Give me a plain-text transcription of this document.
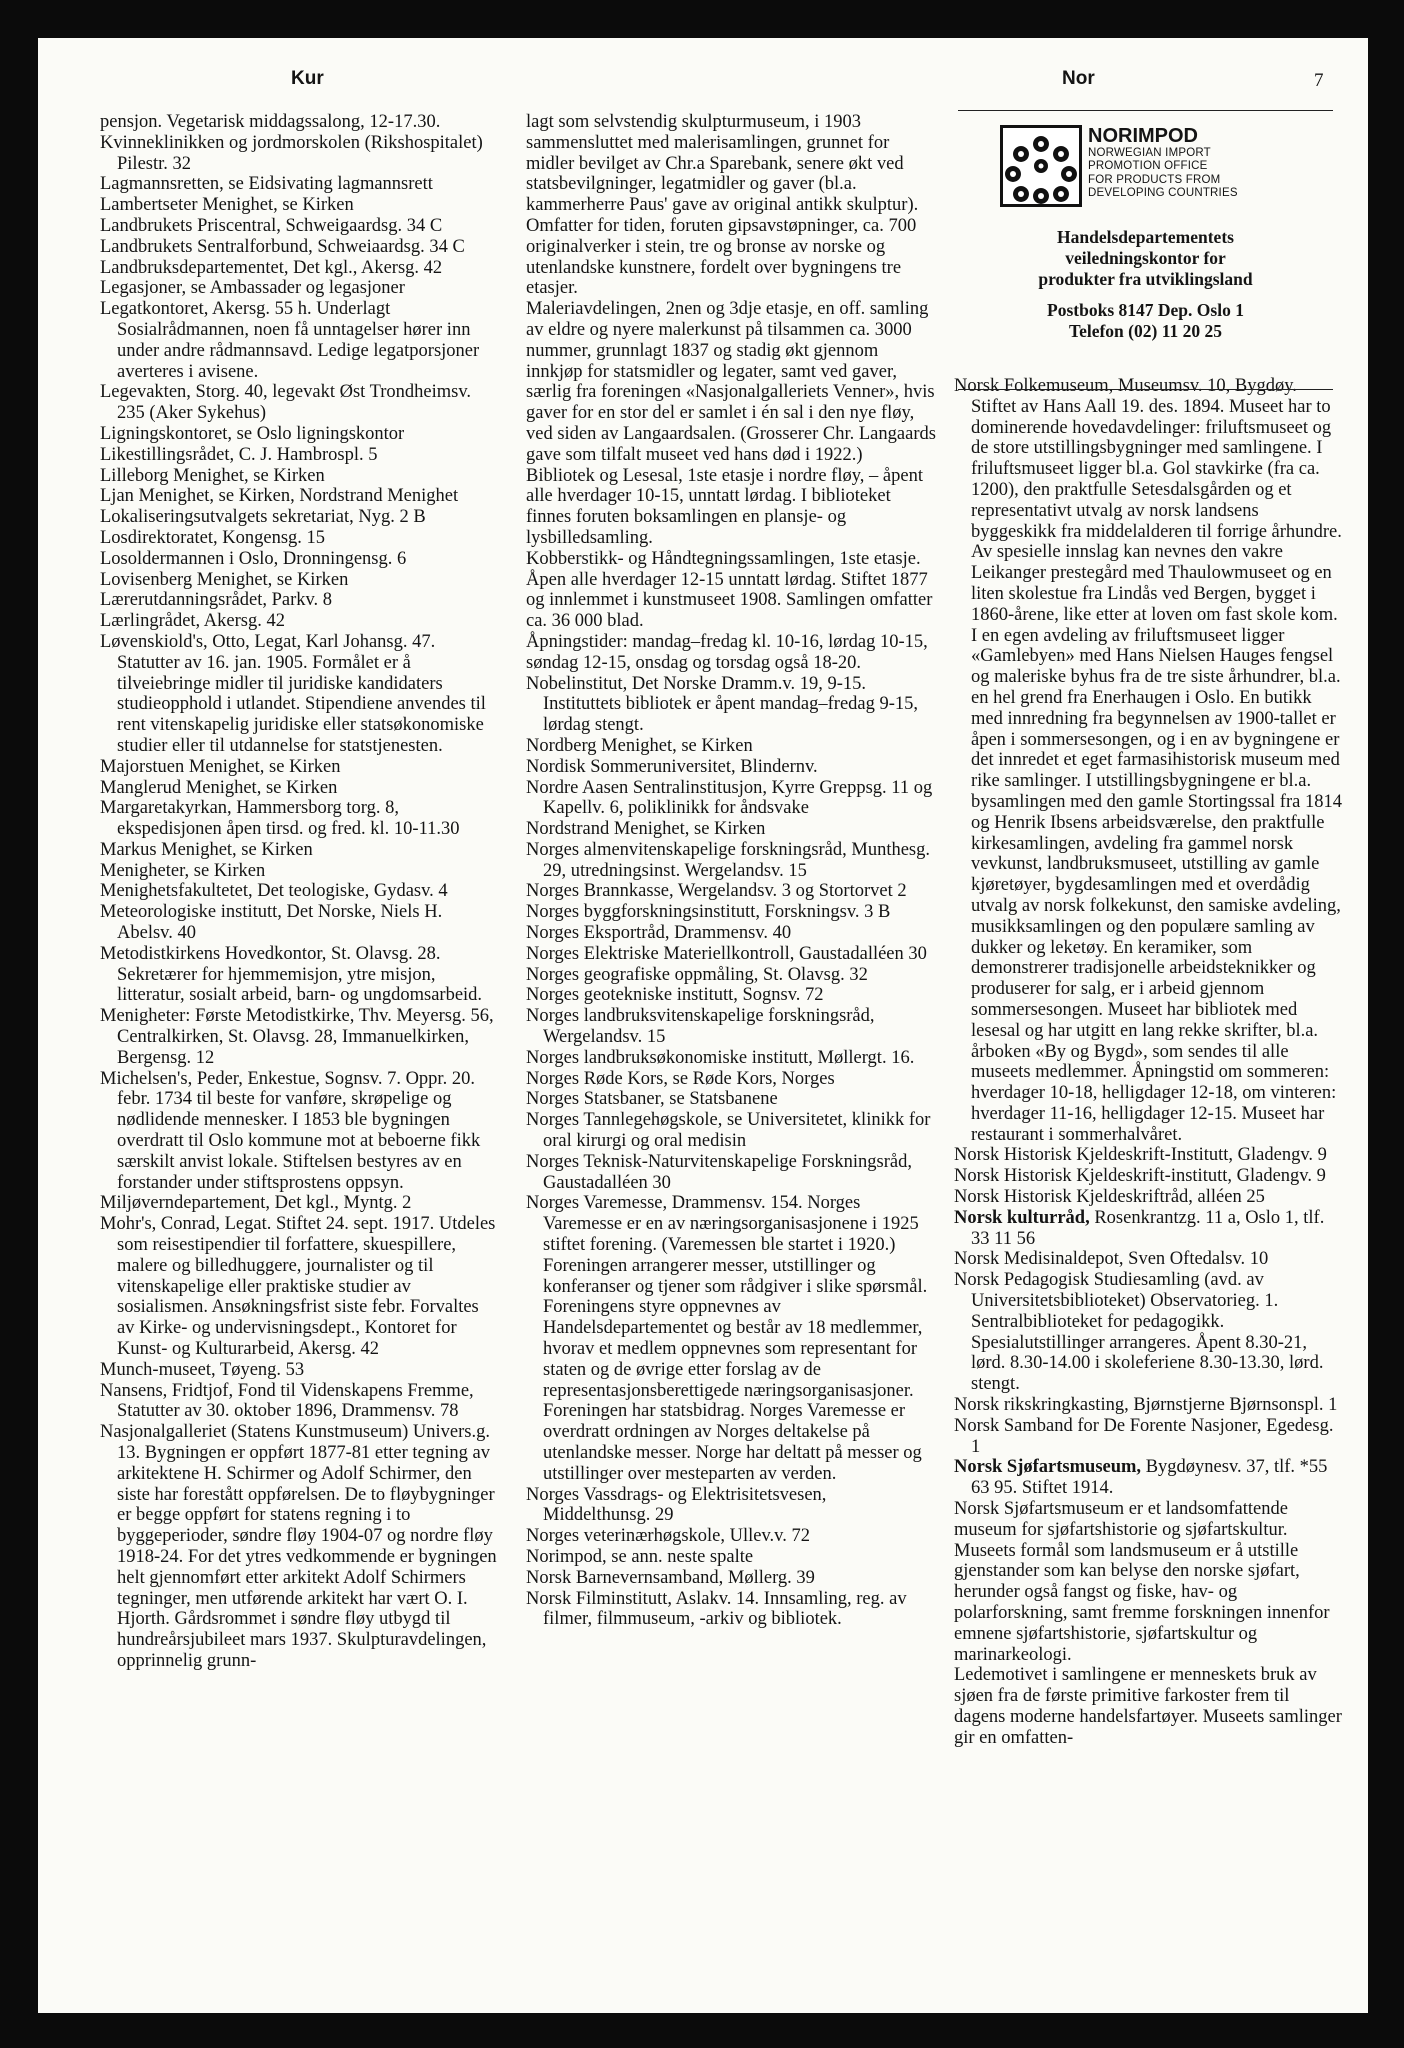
Kur	Nor	7

pensjon. Vegetarisk middagssalong, 12-17.30.

Kvinneklinikken og jordmorskolen (Rikshospitalet) Pilestr. 32

Lagmannsretten, se Eidsivating lagmannsrett

Lambertseter Menighet, se Kirken

Landbrukets Priscentral, Schweigaardsg. 34 C

Landbrukets Sentralforbund, Schweiaardsg. 34 C

Landbruksdepartementet, Det kgl., Akersg. 42

Legasjoner, se Ambassader og legasjoner

Legatkontoret, Akersg. 55 h. Underlagt Sosialrådmannen, noen få unntagelser hører inn under andre rådmannsavd. Ledige legatporsjoner averteres i avisene.

Legevakten, Storg. 40, legevakt Øst Trondheimsv. 235 (Aker Sykehus)

Ligningskontoret, se Oslo ligningskontor

Likestillingsrådet, C. J. Hambrospl. 5

Lilleborg Menighet, se Kirken

Ljan Menighet, se Kirken, Nordstrand Menighet

Lokaliseringsutvalgets sekretariat, Nyg. 2 B

Losdirektoratet, Kongensg. 15

Losoldermannen i Oslo, Dronningensg. 6

Lovisenberg Menighet, se Kirken

Lærerutdanningsrådet, Parkv. 8

Lærlingrådet, Akersg. 42

Løvenskiold's, Otto, Legat, Karl Johansg. 47. Statutter av 16. jan. 1905. Formålet er å tilveiebringe midler til juridiske kandidaters studieopphold i utlandet. Stipendiene anvendes til rent vitenskapelig juridiske eller statsøkonomiske studier eller til utdannelse for statstjenesten.

Majorstuen Menighet, se Kirken

Manglerud Menighet, se Kirken

Margaretakyrkan, Hammersborg torg. 8, ekspedisjonen åpen tirsd. og fred. kl. 10-11.30

Markus Menighet, se Kirken

Menigheter, se Kirken

Menighetsfakultetet, Det teologiske, Gydasv. 4

Meteorologiske institutt, Det Norske, Niels H. Abelsv. 40

Metodistkirkens Hovedkontor, St. Olavsg. 28. Sekretærer for hjemmemisjon, ytre misjon, litteratur, sosialt arbeid, barn- og ungdomsarbeid.

Menigheter: Første Metodistkirke, Thv. Meyersg. 56, Centralkirken, St. Olavsg. 28, Immanuelkirken, Bergensg. 12

Michelsen's, Peder, Enkestue, Sognsv. 7. Oppr. 20. febr. 1734 til beste for vanføre, skrøpelige og nødlidende mennesker. I 1853 ble bygningen overdratt til Oslo kommune mot at beboerne fikk særskilt anvist lokale. Stiftelsen bestyres av en forstander under stiftsprostens oppsyn.

Miljøverndepartement, Det kgl., Myntg. 2

Mohr's, Conrad, Legat. Stiftet 24. sept. 1917. Utdeles som reisestipendier til forfattere, skuespillere, malere og billedhuggere, journalister og til vitenskapelige eller praktiske studier av sosialismen. Ansøkningsfrist siste febr. Forvaltes av Kirke- og undervisningsdept., Kontoret for Kunst- og Kulturarbeid, Akersg. 42

Munch-museet, Tøyeng. 53

Nansens, Fridtjof, Fond til Videnskapens Fremme, Statutter av 30. oktober 1896, Drammensv. 78

Nasjonalgalleriet (Statens Kunstmuseum) Univers.g. 13. Bygningen er oppført 1877-81 etter tegning av arkitektene H. Schirmer og Adolf Schirmer, den siste har forestått oppførelsen. De to fløybygninger er begge oppført for statens regning i to byggeperioder, søndre fløy 1904-07 og nordre fløy 1918-24. For det ytres vedkommende er bygningen helt gjennomført etter arkitekt Adolf Schirmers tegninger, men utførende arkitekt har vært O. I. Hjorth. Gårdsrommet i søndre fløy utbygd til hundreårsjubileet mars 1937. Skulpturavdelingen, opprinnelig grunn-

lagt som selvstendig skulpturmuseum, i 1903 sammensluttet med malerisamlingen, grunnet for midler bevilget av Chr.a Sparebank, senere økt ved statsbevilgninger, legatmidler og gaver (bl.a. kammerherre Paus' gave av original antikk skulptur). Omfatter for tiden, foruten gipsavstøpninger, ca. 700 originalverker i stein, tre og bronse av norske og utenlandske kunstnere, fordelt over bygningens tre etasjer.

Maleriavdelingen, 2nen og 3dje etasje, en off. samling av eldre og nyere malerkunst på tilsammen ca. 3000 nummer, grunnlagt 1837 og stadig økt gjennom innkjøp for statsmidler og legater, samt ved gaver, særlig fra foreningen «Nasjonalgalleriets Venner», hvis gaver for en stor del er samlet i én sal i den nye fløy, ved siden av Langaardsalen. (Grosserer Chr. Langaards gave som tilfalt museet ved hans død i 1922.)

Bibliotek og Lesesal, 1ste etasje i nordre fløy, – åpent alle hverdager 10-15, unntatt lørdag. I biblioteket finnes foruten boksamlingen en plansje- og lysbilledsamling.

Kobberstikk- og Håndtegningssamlingen, 1ste etasje. Åpen alle hverdager 12-15 unntatt lørdag. Stiftet 1877 og innlemmet i kunstmuseet 1908. Samlingen omfatter ca. 36 000 blad.

Åpningstider: mandag–fredag kl. 10-16, lørdag 10-15, søndag 12-15, onsdag og torsdag også 18-20.

Nobelinstitut, Det Norske Dramm.v. 19, 9-15. Instituttets bibliotek er åpent mandag–fredag 9-15, lørdag stengt.

Nordberg Menighet, se Kirken

Nordisk Sommeruniversitet, Blindernv.

Nordre Aasen Sentralinstitusjon, Kyrre Greppsg. 11 og Kapellv. 6, poliklinikk for åndsvake

Nordstrand Menighet, se Kirken

Norges almenvitenskapelige forskningsråd, Munthesg. 29, utredningsinst. Wergelandsv. 15

Norges Brannkasse, Wergelandsv. 3 og Stortorvet 2

Norges byggforskningsinstitutt, Forskningsv. 3 B

Norges Eksportråd, Drammensv. 40

Norges Elektriske Materiellkontroll, Gaustadalléen 30

Norges geografiske oppmåling, St. Olavsg. 32

Norges geotekniske institutt, Sognsv. 72

Norges landbruksvitenskapelige forskningsråd, Wergelandsv. 15

Norges landbruksøkonomiske institutt, Møllergt. 16.

Norges Røde Kors, se Røde Kors, Norges

Norges Statsbaner, se Statsbanene

Norges Tannlegehøgskole, se Universitetet, klinikk for oral kirurgi og oral medisin

Norges Teknisk-Naturvitenskapelige Forskningsråd, Gaustadalléen 30

Norges Varemesse, Drammensv. 154. Norges Varemesse er en av næringsorganisasjonene i 1925 stiftet forening. (Varemessen ble startet i 1920.) Foreningen arrangerer messer, utstillinger og konferanser og tjener som rådgiver i slike spørsmål. Foreningens styre oppnevnes av Handelsdepartementet og består av 18 medlemmer, hvorav et medlem oppnevnes som representant for staten og de øvrige etter forslag av de representasjonsberettigede næringsorganisasjoner. Foreningen har statsbidrag. Norges Varemesse er overdratt ordningen av Norges deltakelse på utenlandske messer. Norge har deltatt på messer og utstillinger over mesteparten av verden.

Norges Vassdrags- og Elektrisitetsvesen, Middelthunsg. 29

Norges veterinærhøgskole, Ullev.v. 72

Norimpod, se ann. neste spalte

Norsk Barnevernsamband, Møllerg. 39

Norsk Filminstitutt, Aslakv. 14. Innsamling, reg. av filmer, filmmuseum, -arkiv og bibliotek.

Norsk Folkemuseum, Museumsv. 10, Bygdøy. Stiftet av Hans Aall 19. des. 1894. Museet har to dominerende hovedavdelinger: friluftsmuseet og de store utstillingsbygninger med samlingene. I friluftsmuseet ligger bl.a. Gol stavkirke (fra ca. 1200), den praktfulle Setesdalsgården og et representativt utvalg av norsk landsens byggeskikk fra middelalderen til forrige århundre. Av spesielle innslag kan nevnes den vakre Leikanger prestegård med Thaulowmuseet og en liten skolestue fra Lindås ved Bergen, bygget i 1860-årene, like etter at loven om fast skole kom. I en egen avdeling av friluftsmuseet ligger «Gamlebyen» med Hans Nielsen Hauges fengsel og maleriske byhus fra de tre siste århundrer, bl.a. en hel grend fra Enerhaugen i Oslo. En butikk med innredning fra begynnelsen av 1900-tallet er åpen i sommersesongen, og i en av bygningene er det innredet et eget farmasihistorisk museum med rike samlinger. I utstillingsbygningene er bl.a. bysamlingen med den gamle Stortingssal fra 1814 og Henrik Ibsens arbeidsværelse, den praktfulle kirkesamlingen, avdeling fra gammel norsk vevkunst, landbruksmuseet, utstilling av gamle kjøretøyer, bygdesamlingen med et overdådig utvalg av norsk folkekunst, den samiske avdeling, musikksamlingen og den populære samling av dukker og leketøy. En keramiker, som demonstrerer tradisjonelle arbeidsteknikker og produserer for salg, er i arbeid gjennom sommersesongen. Museet har bibliotek med lesesal og har utgitt en lang rekke skrifter, bl.a. årboken «By og Bygd», som sendes til alle museets medlemmer. Åpningstid om sommeren: hverdager 10-18, helligdager 12-18, om vinteren: hverdager 11-16, helligdager 12-15. Museet har restaurant i sommerhalvåret.

Norsk Historisk Kjeldeskrift-Institutt, Gladengv. 9

Norsk Historisk Kjeldeskrift-institutt, Gladengv. 9

Norsk Historisk Kjeldeskriftråd, alléen 25

Norsk kulturråd, Rosenkrantzg. 11 a, Oslo 1, tlf. 33 11 56

Norsk Medisinaldepot, Sven Oftedalsv. 10

Norsk Pedagogisk Studiesamling (avd. av Universitetsbiblioteket) Observatorieg. 1. Sentralbiblioteket for pedagogikk. Spesialutstillinger arrangeres. Åpent 8.30-21, lørd. 8.30-14.00 i skoleferiene 8.30-13.30, lørd. stengt.

Norsk rikskringkasting, Bjørnstjerne Bjørnsonspl. 1

Norsk Samband for De Forente Nasjoner, Egedesg. 1

Norsk Sjøfartsmuseum, Bygdøynesv. 37, tlf. *55 63 95. Stiftet 1914.

Norsk Sjøfartsmuseum er et landsomfattende museum for sjøfartshistorie og sjøfartskultur. Museets formål som landsmuseum er å utstille gjenstander som kan belyse den norske sjøfart, herunder også fangst og fiske, hav- og polarforskning, samt fremme forskningen innenfor emnene sjøfartshistorie, sjøfartskultur og marinarkeologi.

Ledemotivet i samlingene er menneskets bruk av sjøen fra de første primitive farkoster frem til dagens moderne handelsfartøyer. Museets samlinger gir en omfatten-

NORIMPOD
NORWEGIAN IMPORT
PROMOTION OFFICE
FOR PRODUCTS FROM
DEVELOPING COUNTRIES
Handelsdepartementets
veiledningskontor for
produkter fra utviklingsland
Postboks 8147 Dep. Oslo 1
Telefon (02) 11 20 25
